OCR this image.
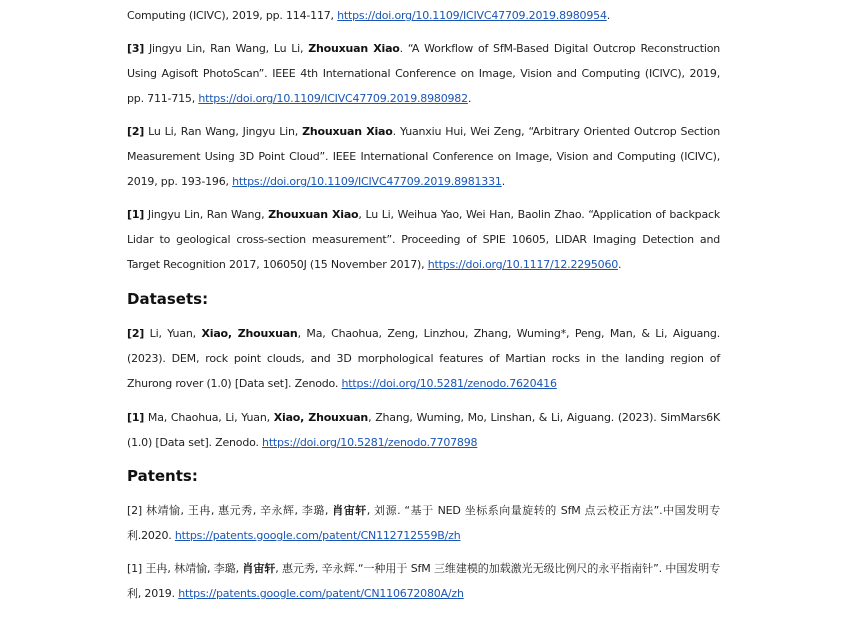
Computing (ICIVC), 2019, pp. 114-117, https://doi.org/10.1109/ICIVC47709.2019.8980954.

[3] Jingyu Lin, Ran Wang, Lu Li, Zhouxuan Xiao. “A Workflow of SfM-Based Digital Outcrop Reconstruction Using Agisoft PhotoScan”. IEEE 4th International Conference on Image, Vision and Computing (ICIVC), 2019, pp. 711-715, https://doi.org/10.1109/ICIVC47709.2019.8980982.

[2] Lu Li, Ran Wang, Jingyu Lin, Zhouxuan Xiao. Yuanxiu Hui, Wei Zeng, “Arbitrary Oriented Outcrop Section Measurement Using 3D Point Cloud”. IEEE International Conference on Image, Vision and Computing (ICIVC), 2019, pp. 193-196, https://doi.org/10.1109/ICIVC47709.2019.8981331.

[1] Jingyu Lin, Ran Wang, Zhouxuan Xiao, Lu Li, Weihua Yao, Wei Han, Baolin Zhao. “Application of backpack Lidar to geological cross-section measurement”. Proceeding of SPIE 10605, LIDAR Imaging Detection and Target Recognition 2017, 106050J (15 November 2017), https://doi.org/10.1117/12.2295060.

Datasets:

[2] Li, Yuan, Xiao, Zhouxuan, Ma, Chaohua, Zeng, Linzhou, Zhang, Wuming*, Peng, Man, & Li, Aiguang. (2023). DEM, rock point clouds, and 3D morphological features of Martian rocks in the landing region of Zhurong rover (1.0) [Data set]. Zenodo. https://doi.org/10.5281/zenodo.7620416

[1] Ma, Chaohua, Li, Yuan, Xiao, Zhouxuan, Zhang, Wuming, Mo, Linshan, & Li, Aiguang. (2023). SimMars6K (1.0) [Data set]. Zenodo. https://doi.org/10.5281/zenodo.7707898

Patents:

[2] 林靖愉, 王冉, 惠元秀, 辛永辉, 李璐, 肖宙轩, 刘源. “基于 NED 坐标系向量旋转的 SfM 点云校正方法”.中国发明专利.2020. https://patents.google.com/patent/CN112712559B/zh

[1] 王冉, 林靖愉, 李璐, 肖宙轩, 惠元秀, 辛永辉.“一种用于 SfM 三维建模的加载激光无级比例尺的永平指南针”. 中国发明专利, 2019. https://patents.google.com/patent/CN110672080A/zh
